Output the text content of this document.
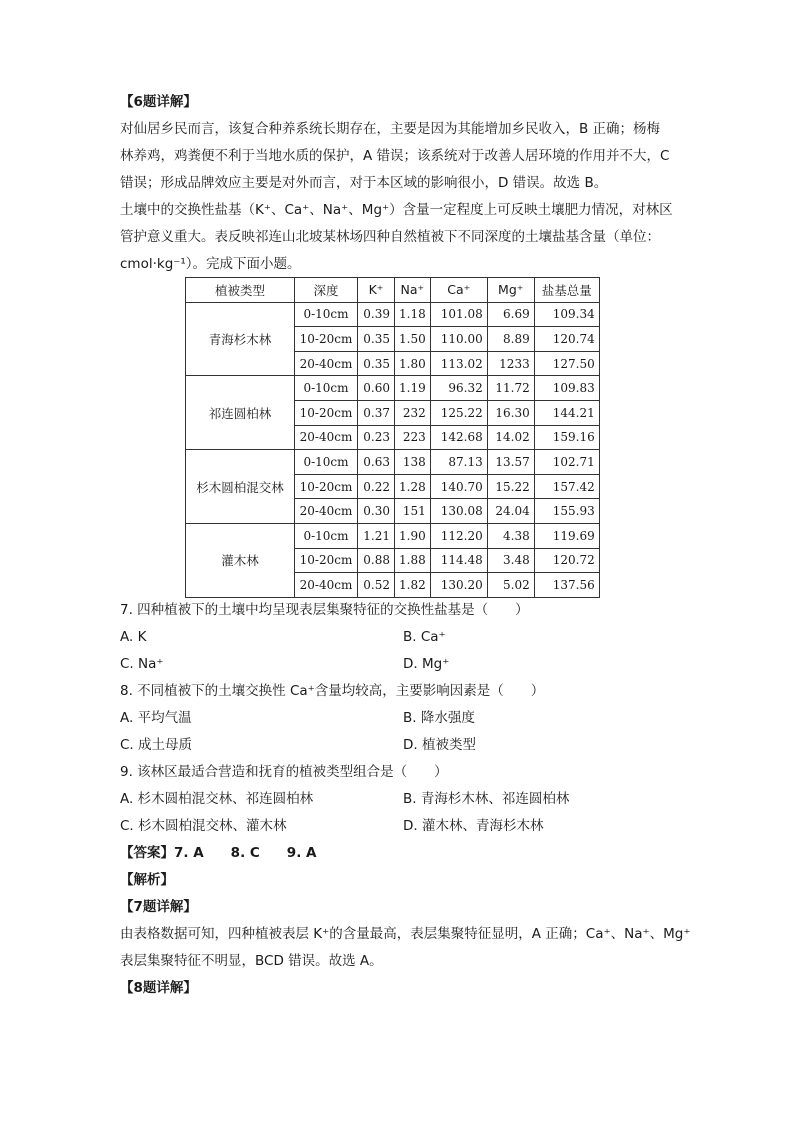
【6题详解】
对仙居乡民而言，该复合种养系统长期存在，主要是因为其能增加乡民收入，B 正确；杨梅
林养鸡，鸡粪便不利于当地水质的保护，A 错误；该系统对于改善人居环境的作用并不大，C
错误；形成品牌效应主要是对外而言，对于本区域的影响很小，D 错误。故选 B。
土壤中的交换性盐基（K⁺、Ca⁺、Na⁺、Mg⁺）含量一定程度上可反映土壤肥力情况，对林区
管护意义重大。表反映祁连山北坡某林场四种自然植被下不同深度的土壤盐基含量（单位：
cmol·kg⁻¹）。完成下面小题。
植被类型	深度	K⁺	Na⁺	Ca⁺	Mg⁺	盐基总量
青海杉木林	0-10cm	0.39	1.18	101.08	6.69	109.34
	10-20cm	0.35	1.50	110.00	8.89	120.74
	20-40cm	0.35	1.80	113.02	1233	127.50
祁连圆柏林	0-10cm	0.60	1.19	96.32	11.72	109.83
	10-20cm	0.37	232	125.22	16.30	144.21
	20-40cm	0.23	223	142.68	14.02	159.16
杉木圆柏混交林	0-10cm	0.63	138	87.13	13.57	102.71
	10-20cm	0.22	1.28	140.70	15.22	157.42
	20-40cm	0.30	151	130.08	24.04	155.93
灌木林	0-10cm	1.21	1.90	112.20	4.38	119.69
	10-20cm	0.88	1.88	114.48	3.48	120.72
	20-40cm	0.52	1.82	130.20	5.02	137.56
7. 四种植被下的土壤中均呈现表层集聚特征的交换性盐基是（　　）
A. K	B. Ca⁺
C. Na⁺	D. Mg⁺
8. 不同植被下的土壤交换性 Ca⁺含量均较高，主要影响因素是（　　）
A. 平均气温	B. 降水强度
C. 成土母质	D. 植被类型
9. 该林区最适合营造和抚育的植被类型组合是（　　）
A. 杉木圆柏混交林、祁连圆柏林	B. 青海杉木林、祁连圆柏林
C. 杉木圆柏混交林、灌木林	D. 灌木林、青海杉木林
【答案】7. A　　8. C　　9. A
【解析】
【7题详解】
由表格数据可知，四种植被表层 K⁺的含量最高，表层集聚特征显明，A 正确；Ca⁺、Na⁺、Mg⁺
表层集聚特征不明显，BCD 错误。故选 A。
【8题详解】
